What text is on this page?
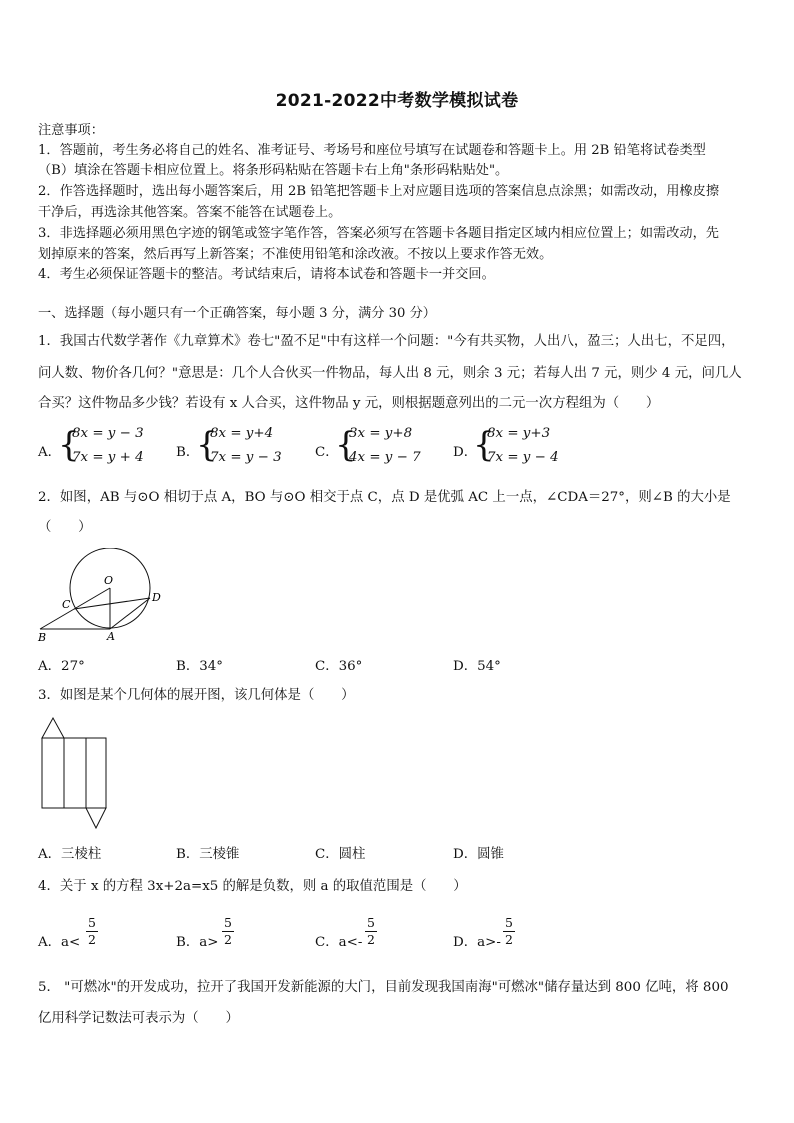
2021-2022中考数学模拟试卷
注意事项：
1．答题前，考生务必将自己的姓名、准考证号、考场号和座位号填写在试题卷和答题卡上。用 2B 铅笔将试卷类型
（B）填涂在答题卡相应位置上。将条形码粘贴在答题卡右上角"条形码粘贴处"。
2．作答选择题时，选出每小题答案后，用 2B 铅笔把答题卡上对应题目选项的答案信息点涂黑；如需改动，用橡皮擦
干净后，再选涂其他答案。答案不能答在试题卷上。
3．非选择题必须用黑色字迹的钢笔或签字笔作答，答案必须写在答题卡各题目指定区域内相应位置上；如需改动，先
划掉原来的答案，然后再写上新答案；不准使用铅笔和涂改液。不按以上要求作答无效。
4．考生必须保证答题卡的整洁。考试结束后，请将本试卷和答题卡一并交回。
一、选择题（每小题只有一个正确答案，每小题 3 分，满分 30 分）
1．我国古代数学著作《九章算术》卷七"盈不足"中有这样一个问题："今有共买物，人出八，盈三；人出七，不足四，
问人数、物价各几何？"意思是：几个人合伙买一件物品，每人出 8 元，则余 3 元；若每人出 7 元，则少 4 元，问几人
合买？这件物品多少钱？若设有 x 人合买，这件物品 y 元，则根据题意列出的二元一次方程组为（　　）
A．
{
8x = y − 3
7x = y + 4 B．
{
8x = y+4
7x = y − 3 C．
{
3x = y+8
4x = y − 7 D．
{
8x = y+3
7x = y − 4
2．如图，AB 与⊙O 相切于点 A，BO 与⊙O 相交于点 C，点 D 是优弧 AC 上一点，∠CDA＝27°，则∠B 的大小是
（　　）
O
C
D
B	A
A．27°	B．34°	C．36°	D．54°
3．如图是某个几何体的展开图，该几何体是（　　）
A．三棱柱	B．三棱锥	C．圆柱	D．圆锥
4．关于 x 的方程 3x+2a=x5 的解是负数，则 a 的取值范围是（　　）
A．a<
5
2	B．a>
5
2	C．a<-
5
2	D．a>-
5
2
5． "可燃冰"的开发成功，拉开了我国开发新能源的大门，目前发现我国南海"可燃冰"储存量达到 800 亿吨，将 800
亿用科学记数法可表示为（　　）
